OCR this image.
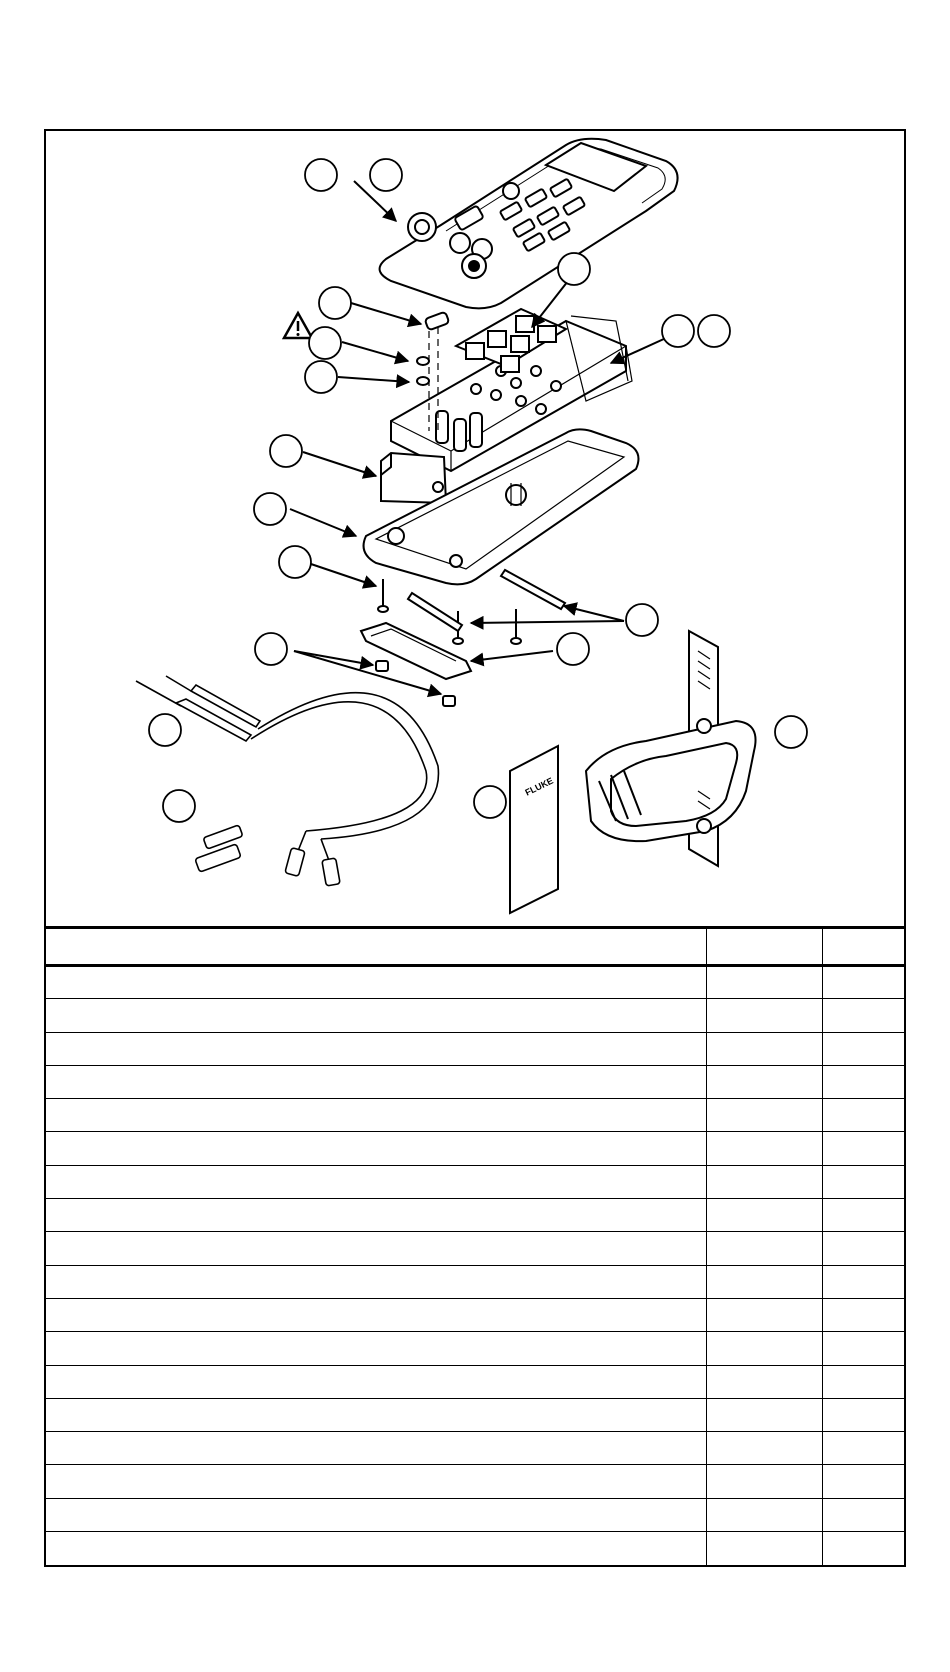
FLUKE
